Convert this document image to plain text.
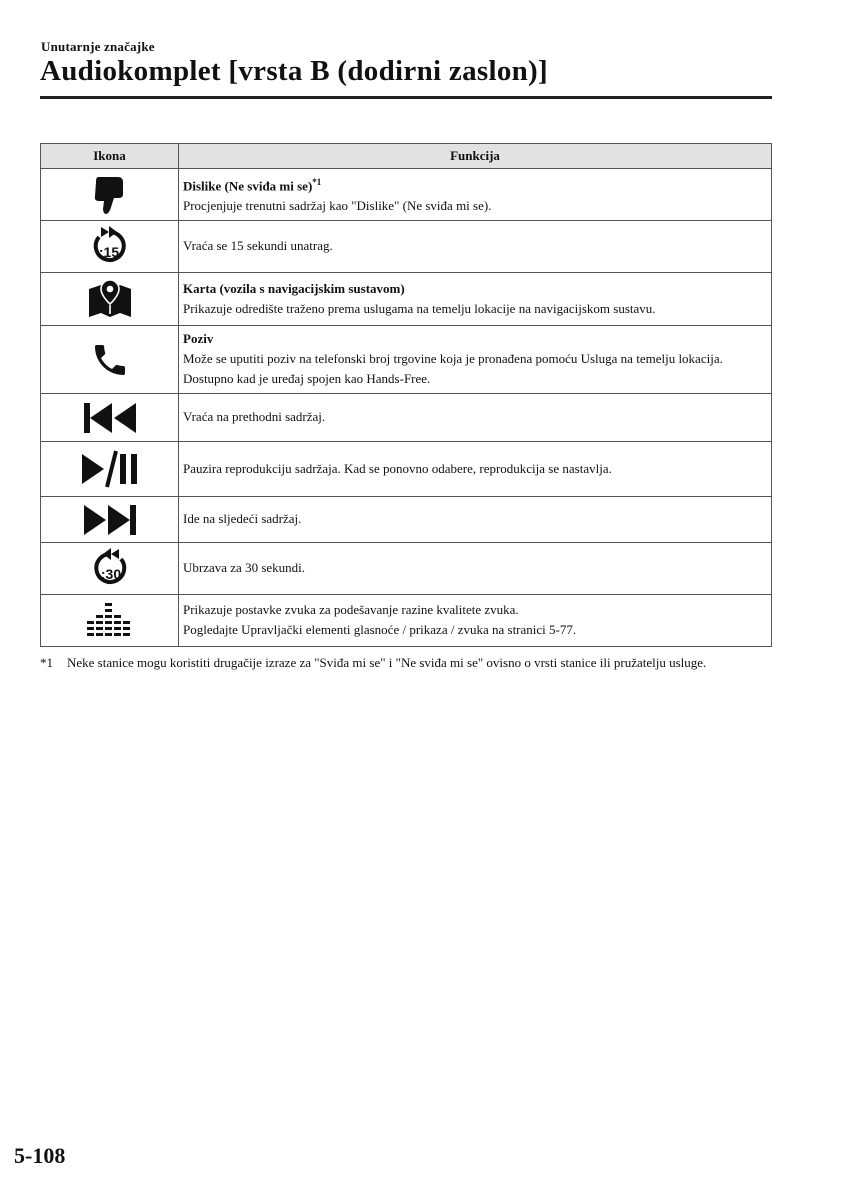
Unutarnje značajke
Audiokomplet [vrsta B (dodirni zaslon)]
Ikona	Funkcija

Dislike (Ne sviđa mi se)$^{*1}$
Procjenjuje trenutni sadržaj kao "Dislike" (Ne sviđa mi se).

:15	Vraća se 15 sekundi unatrag.

Karta (vozila s navigacijskim sustavom)
Prikazuje odredište traženo prema uslugama na temelju lokacije na navigacijskom sustavu.

Poziv
Može se uputiti poziv na telefonski broj trgovine koja je pronađena pomoću Usluga na temelju lokacija. Dostupno kad je uređaj spojen kao Hands-Free.

Vraća na prethodni sadržaj.

Pauzira reprodukciju sadržaja. Kad se ponovno odabere, reprodukcija se nastavlja.

Ide na sljedeći sadržaj.

:30	Ubrzava za 30 sekundi.

Prikazuje postavke zvuka za podešavanje razine kvalitete zvuka.
Pogledajte Upravljački elementi glasnoće / prikaza / zvuka na stranici 5-77.
*1	Neke stanice mogu koristiti drugačije izraze za "Sviđa mi se" i "Ne sviđa mi se" ovisno o vrsti stanice ili pružatelju usluge.
5-108
